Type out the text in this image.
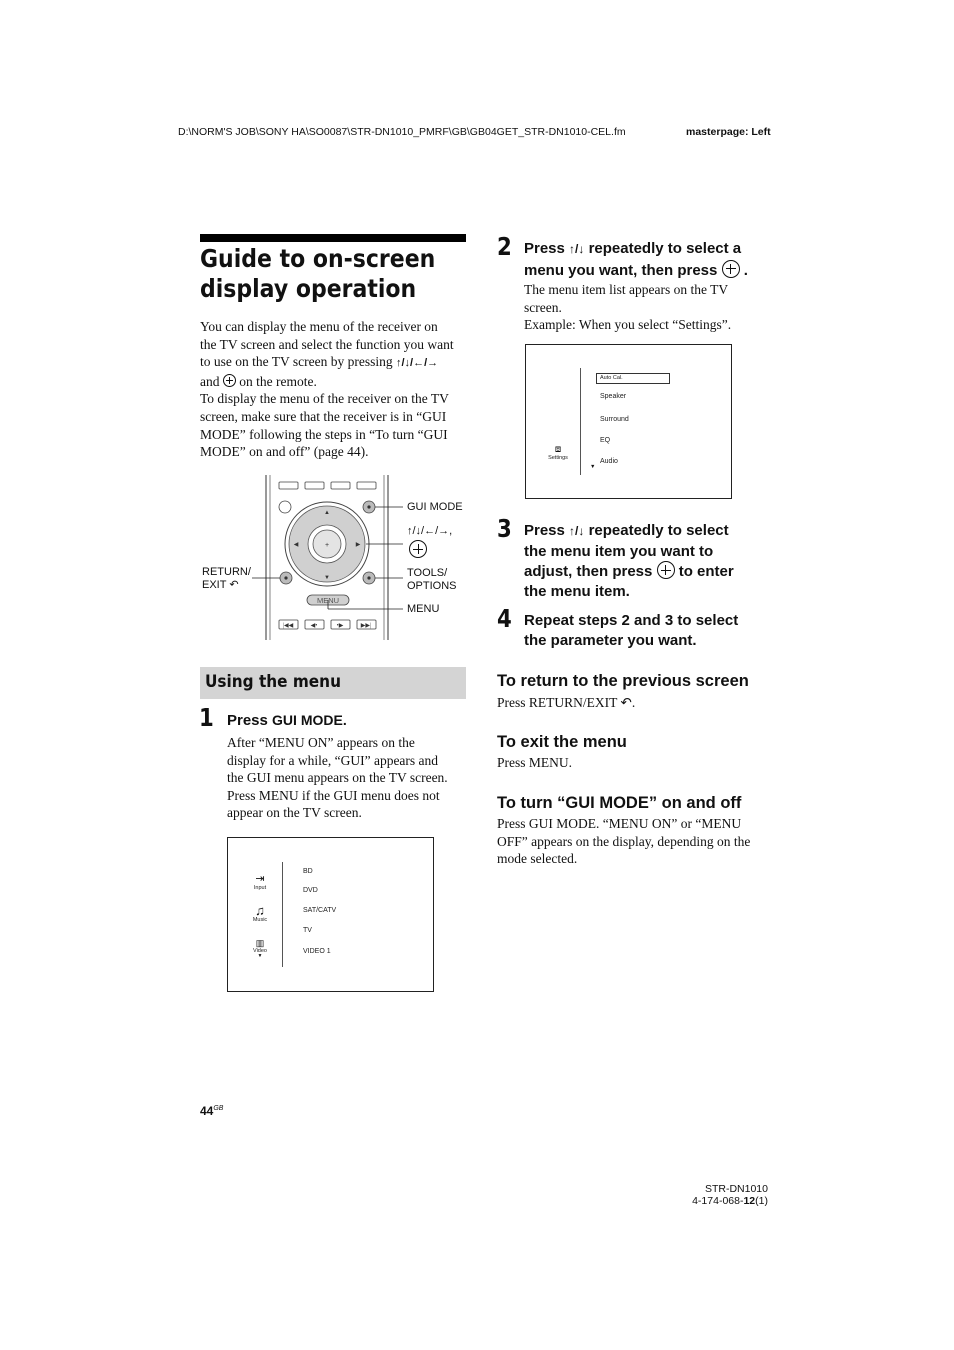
D:\NORM'S JOB\SONY HA\SO0087\STR-DN1010_PMRF\GB\GB04GET_STR-DN1010-CEL.fm	masterpage: Left
Guide to on-screen
display operation
You can display the menu of the receiver on
the TV screen and select the function you want
to use on the TV screen by pressing ↑/↓/←/→
and on the remote.
To display the menu of the receiver on the TV
screen, make sure that the receiver is in “GUI
MODE” following the steps in “To turn “GUI
MODE” on and off” (page 44).
+
▲
▼
◀	▶
MENU
|◀◀	◀•	•▶	▶▶|
GUI MODE
↑/↓/←/→,
RETURN/
EXIT ↶
TOOLS/
OPTIONS
MENU
Using the menu
1 Press GUI MODE.
After “MENU ON” appears on the
display for a while, “GUI” appears and
the GUI menu appears on the TV screen.
Press MENU if the GUI menu does not
appear on the TV screen.
⇥
Input
♫
Music
▥
Video
▼
BD
DVD
SAT/CATV
TV
VIDEO 1
2 Press ↑/↓ repeatedly to select a
menu you want, then press .
The menu item list appears on the TV
screen.
Example: When you select “Settings”.
⧈
Settings
▼
Auto Cal.
Speaker
Surround
EQ
Audio
3 Press ↑/↓ repeatedly to select
the menu item you want to
adjust, then press to enter
the menu item.
4 Repeat steps 2 and 3 to select
the parameter you want.
To return to the previous screen
Press RETURN/EXIT ↶.
To exit the menu
Press MENU.
To turn “GUI MODE” on and off
Press GUI MODE. “MENU ON” or “MENU
OFF” appears on the display, depending on the
mode selected.
$44^{GB}$
STR-DN1010
4-174-068-12(1)
